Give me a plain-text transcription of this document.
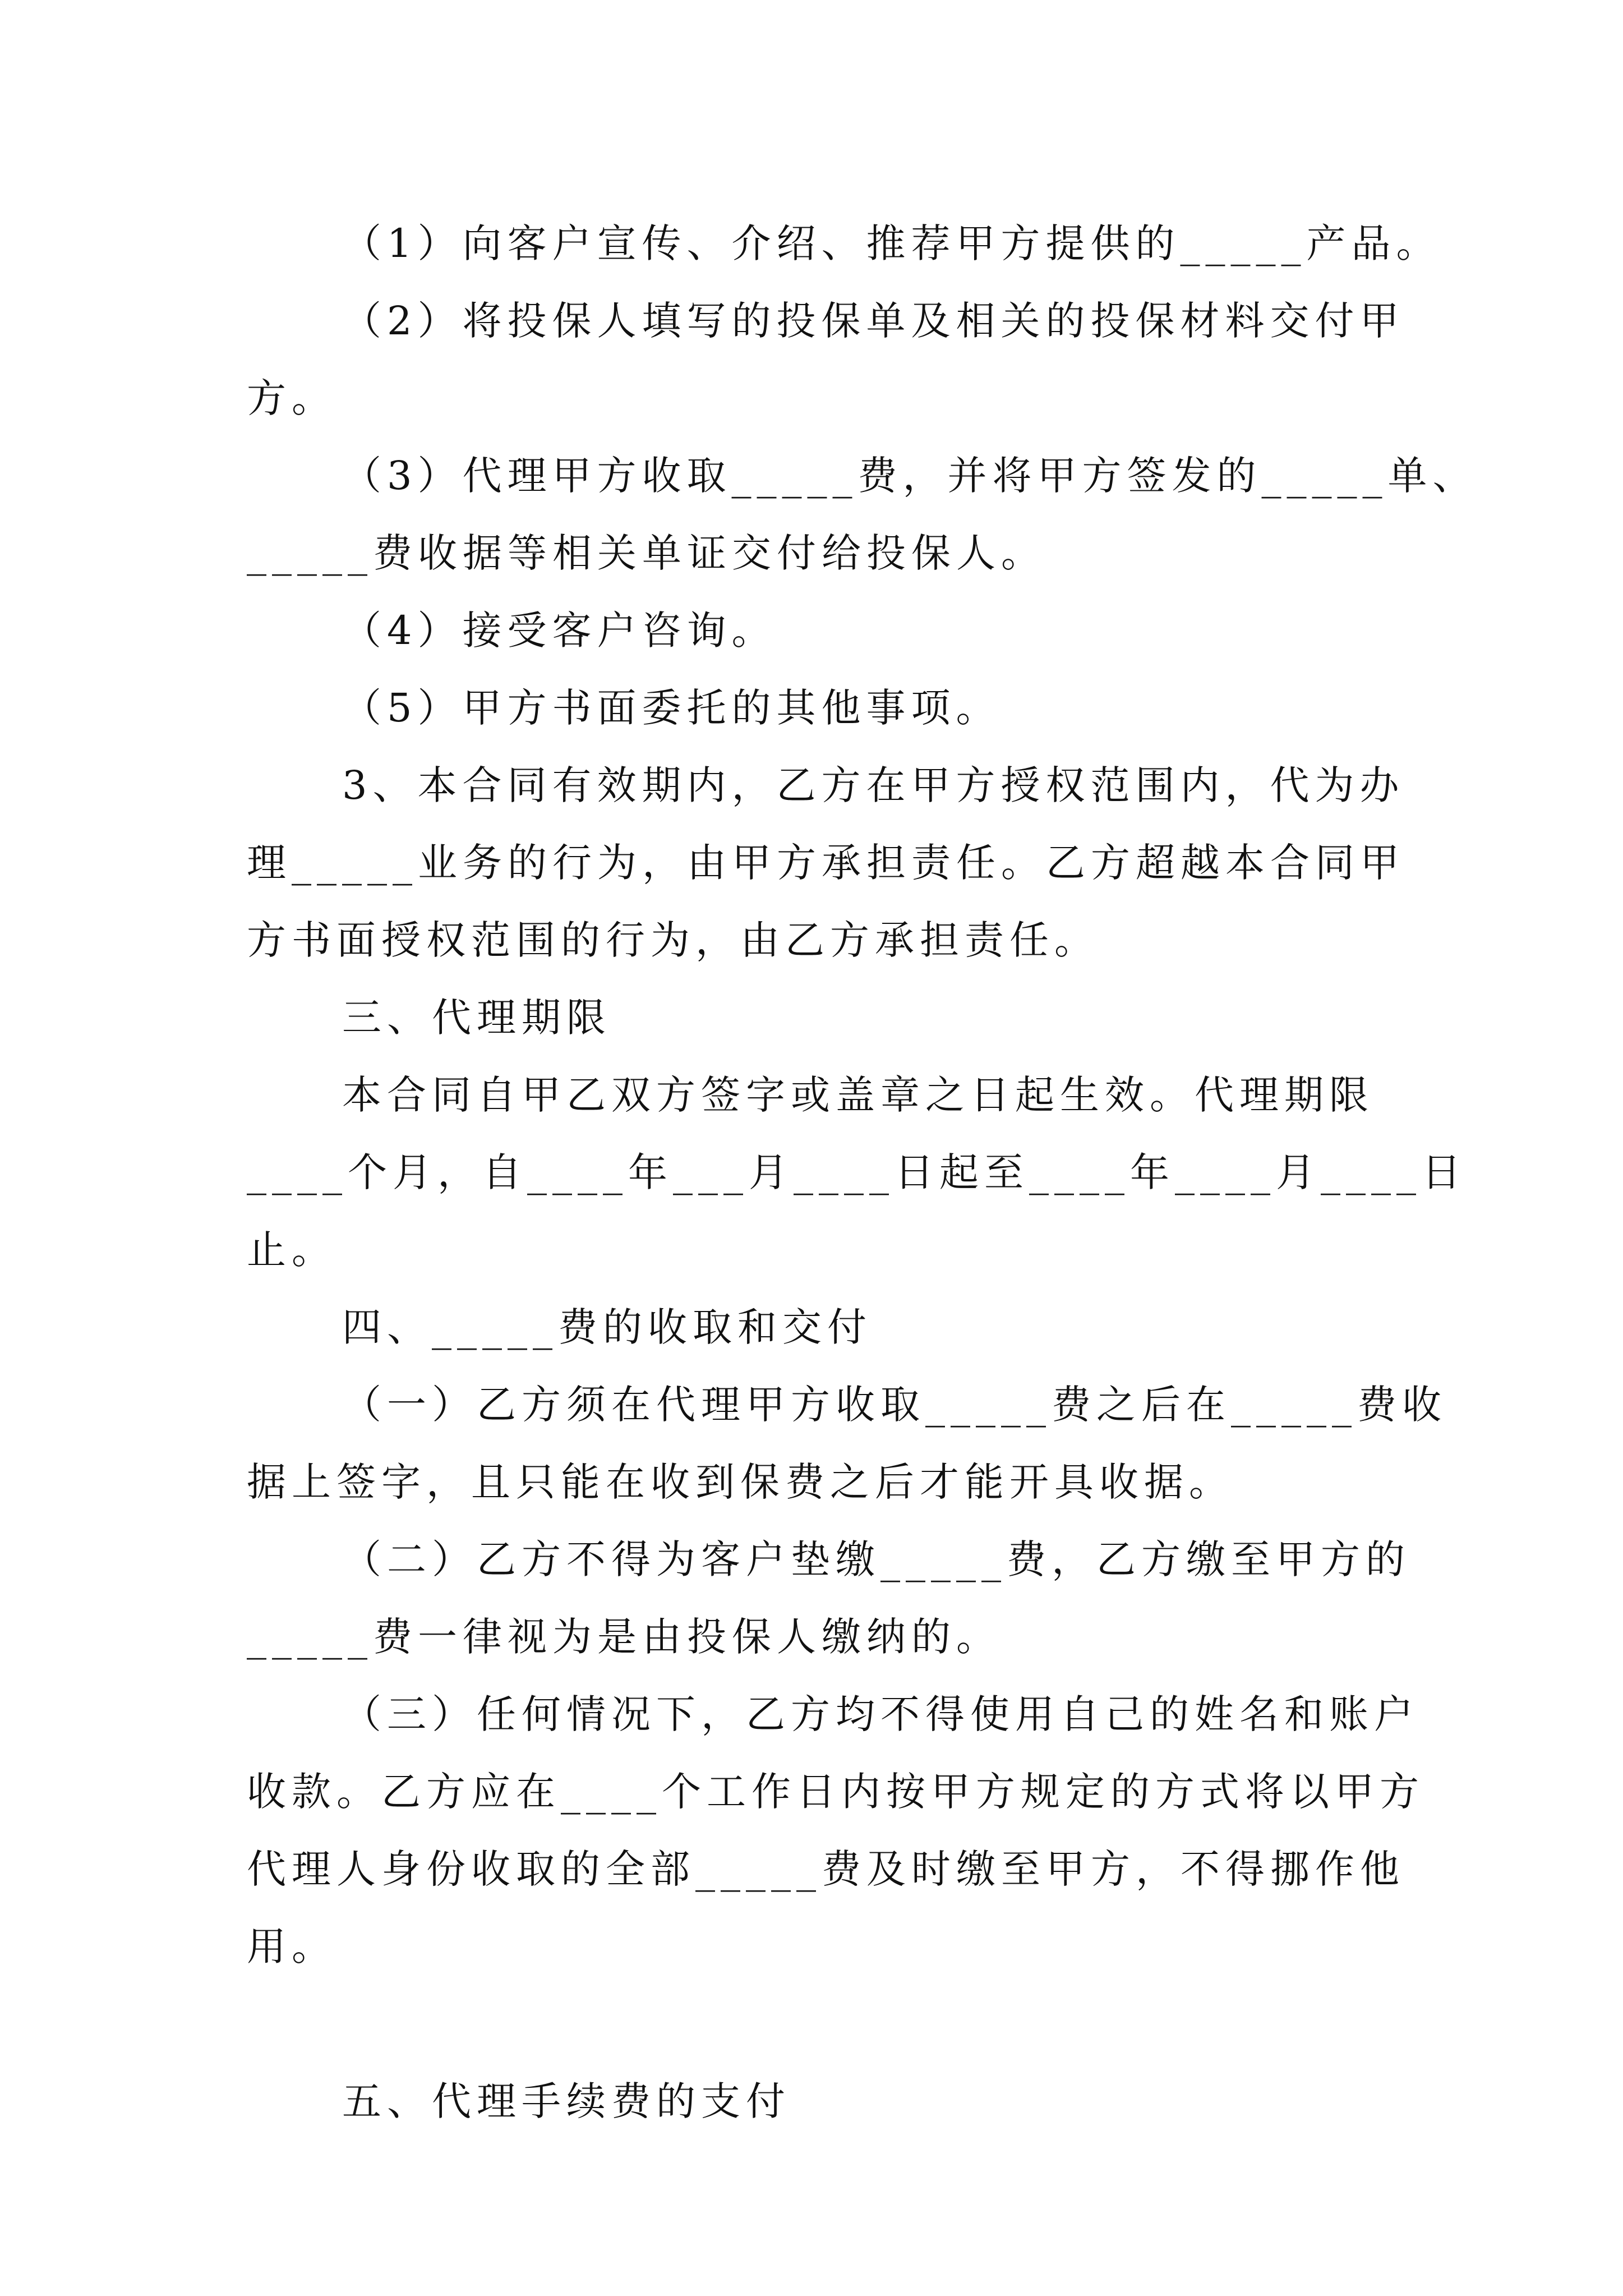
（1）向客户宣传、介绍、推荐甲方提供的_____产品。
（2）将投保人填写的投保单及相关的投保材料交付甲
方。
（3）代理甲方收取_____费，并将甲方签发的_____单、
_____费收据等相关单证交付给投保人。
（4）接受客户咨询。
（5）甲方书面委托的其他事项。
3、本合同有效期内，乙方在甲方授权范围内，代为办
理_____业务的行为，由甲方承担责任。乙方超越本合同甲
方书面授权范围的行为，由乙方承担责任。
三、代理期限
本合同自甲乙双方签字或盖章之日起生效。代理期限
____个月，自____年___月____日起至____年____月____日
止。
四、_____费的收取和交付
（一）乙方须在代理甲方收取_____费之后在_____费收
据上签字，且只能在收到保费之后才能开具收据。
（二）乙方不得为客户垫缴_____费，乙方缴至甲方的
_____费一律视为是由投保人缴纳的。
（三）任何情况下，乙方均不得使用自己的姓名和账户
收款。乙方应在____个工作日内按甲方规定的方式将以甲方
代理人身份收取的全部_____费及时缴至甲方，不得挪作他
用。
五、代理手续费的支付
